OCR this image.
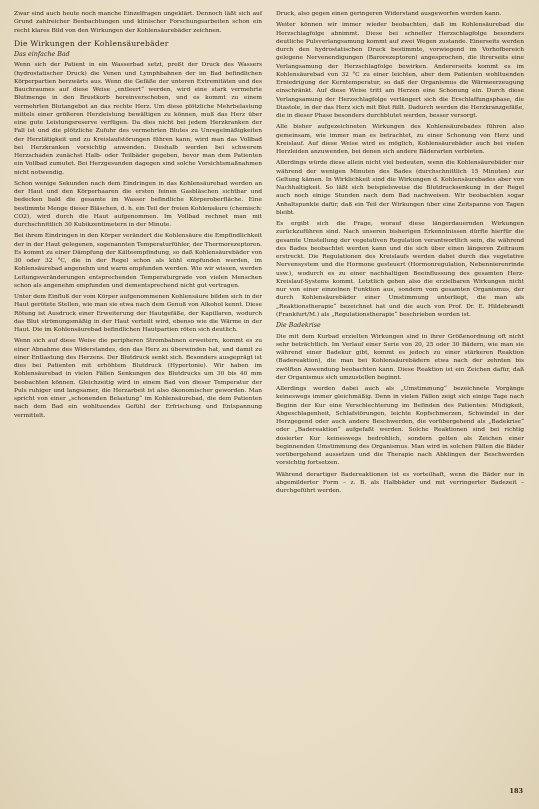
Zwar sind auch heute noch manche Einzelfragen ungeklärt. Dennoch läßt sich auf Grund zahlreicher Beobachtungen und klinischer Forschungsarbeiten schon ein recht klares Bild von den Wirkungen der Kohlensäurebäder zeichnen.

Die Wirkungen der Kohlensäurebäder
Das einfache Bad

Wenn sich der Patient in ein Wasserbad setzt, preßt der Druck des Wassers (hydrostatischer Druck) die Venen und Lymphbahnen der im Bad befindlichen Körperpartien herzwärts aus. Wenn die Gefäße der unteren Extremitäten und des Bauchraumes auf diese Weise „entleert“ werden, wird eine stark vermehrte Blutmenge in den Brustkorb hereinverschoben, und es kommt zu einem vermehrten Blutangebot an das rechte Herz. Um diese plötzliche Mehrbelastung mittels einer größeren Herzleistung bewältigen zu können, muß das Herz über eine gute Leistungsreserve verfügen. Da dies nicht bei jedem Herzkranken der Fall ist und die plötzliche Zufuhr des vermehrten Blutes zu Unregelmäßigkeiten der Herztätigkeit und zu Kreislaufstörungen führen kann, wird man das Vollbad bei Herzkranken vorsichtig anwenden. Deshalb werden bei schwerem Herzschaden zunächst Halb- oder Teilbäder gegeben, bevor man dem Patienten ein Vollbad zumutet. Bei Herzgesunden dagegen sind solche Vorsichtsmaßnahmen nicht notwendig.

Schon wenige Sekunden nach dem Eindringen in das Kohlensäurebad werden an der Haut und den Körperhaaren die ersten feinen Gasbläschen sichtbar und bedecken bald die gesamte im Wasser befindliche Körperoberfläche. Eine bestimmte Menge dieser Bläschen, d. h. ein Teil der freien Kohlensäure (chemisch: CO2), wird durch die Haut aufgenommen. Im Vollbad rechnet man mit durchschnittlich 30 Kubikzentimetern in der Minute.

Bei ihrem Eindringen in den Körper verändert die Kohlensäure die Empfindlichkeit der in der Haut gelegenen, sogenannten Temperaturfühler, der Thermorezeptoren. Es kommt zu einer Dämpfung der Kälteempfindung, so daß Kohlensäurebäder von 30 oder 32 °C, die in der Regel schon als kühl empfunden werden, im Kohlensäurebad angenehm und warm empfunden werden. Wie wir wissen, werden Leitungsveränderungen entsprechenden Temperaturgrade von vielen Menschen schon als angenehm empfunden und dementsprechend nicht gut vertragen.

Unter dem Einfluß der vom Körper aufgenommenen Kohlensäure bilden sich in der Haut gerötete Stellen, wie man sie etwa nach dem Genuß von Alkohol kennt. Diese Rötung ist Ausdruck einer Erweiterung der Hautgefäße, der Kapillaren, wodurch das Blut strömungsmäßig in der Haut verteilt wird, ebenso wie die Wärme in der Haut. Die im Kohlensäurebad befindlichen Hautpartien röten sich deutlich.

Wenn sich auf diese Weise die peripheren Strombahnen erweitern, kommt es zu einer Abnahme des Widerstandes, den das Herz zu überwinden hat, und damit zu einer Entlastung des Herzens. Der Blutdruck senkt sich. Besonders ausgeprägt ist dies bei Patienten mit erhöhtem Blutdruck (Hypertonie). Wir haben im Kohlensäurebad in vielen Fällen Senkungen des Blutdrucks um 30 bis 40 mm beobachten können. Gleichzeitig wird in einem Bad von dieser Temperatur der Puls ruhiger und langsamer, die Herzarbeit ist also ökonomischer geworden. Man spricht von einer „schonenden Belastung“ im Kohlensäurebad, die dem Patienten nach dem Bad ein wohltuendes Gefühl der Erfrischung und Entspannung vermittelt.

Druck, also gegen einen geringeren Widerstand ausgeworfen werden kann.

Weiter können wir immer wieder beobachten, daß im Kohlensäurebad die Herzschlagfolge abnimmt. Diese bei schneller Herzschlagfolge besonders deutliche Pulsverlangsamung kommt auf zwei Wegen zustande. Einerseits werden durch den hydrostatischen Druck bestimmte, vorwiegend im Vorhofbereich gelegene Nervenendigungen (Barorezeptoren) angesprochen, die ihrerseits eine Verlangsamung der Herzschlagfolge bewirken. Andererseits kommt es im Kohlensäurebad von 32 °C zu einer leichten, aber dem Patienten wohltuenden Erniedrigung der Kerntemperatur, so daß der Organismus die Wärmeerzeugung einschränkt. Auf diese Weise tritt am Herzen eine Schonung ein. Durch diese Verlangsamung der Herzschlagfolge verlängert sich die Erschlaffungsphase, die Diastole, in der das Herz sich mit Blut füllt. Dadurch werden die Herzkranzgefäße, die in dieser Phase besonders durchblutet werden, besser versorgt.

Alle bisher aufgezeichneten Wirkungen des Kohlensäurebades führen also gemeinsam, wie immer man es betrachtet, zu einer Schonung von Herz und Kreislauf. Auf diese Weise wird es möglich, Kohlensäurebäder auch bei vielen Herzleiden anzuwenden, bei denen sich andere Bäderarten verbieten.

Allerdings würde diese allein nicht viel bedeuten, wenn die Kohlensäurebäder nur während der wenigen Minuten des Bades (durchschnittlich 15 Minuten) zur Geltung kämen. In Wirklichkeit sind die Wirkungen d. Kohlensäurebades aber von Nachhaltigkeit. So läßt sich beispielsweise die Blutdrucksenkung in der Regel auch noch einige Stunden nach dem Bad nachweisen. Wir beobachten sogar Anhaltspunkte dafür, daß ein Teil der Wirkungen über eine Zeitspanne von Tagen bleibt.

Es ergibt sich die Frage, worauf diese längerdauernden Wirkungen zurückzuführen sind. Nach unseren bisherigen Erkenntnissen dürfte hierfür die gesamte Umstellung der vegetativen Regulation verantwortlich sein, die während des Bades beobachtet werden kann und die sich über einen längeren Zeitraum erstreckt. Die Regulationen des Kreislaufs werden dabei durch das vegetative Nervensystem und die Hormone gesteuert (Hormonregulation, Nebennierenrinde usw.), wodurch es zu einer nachhaltigen Beeinflussung des gesamten Herz-Kreislauf-Systems kommt. Letztlich gehen also die erzielbaren Wirkungen nicht nur von einer einzelnen Funktion aus, sondern vom gesamten Organismus, der durch Kohlensäurebäder einer Umstimmung unterliegt, die man als „Reaktionstherapie“ bezeichnet hat und die auch von Prof. Dr. E. Hildebrandt (Frankfurt/M.) als „Regulationstherapie“ beschrieben worden ist.

Die Badekrise

Die mit dem Kurbad erzielten Wirkungen sind in ihrer Größenordnung oft nicht sehr beträchtlich. Im Verlauf einer Serie von 20, 25 oder 30 Bädern, wie man sie während einer Badekur gibt, kommt es jedoch zu einer stärkeren Reaktion (Badereaktion), die man bei Kohlensäurebädern etwa nach der zehnten bis zwölften Anwendung beobachten kann. Diese Reaktion ist ein Zeichen dafür, daß der Organismus sich umzustellen beginnt.

Allerdings werden dabei auch als „Umstimmung“ bezeichnete Vorgänge keineswegs immer gleichmäßig. Denn in vielen Fällen zeigt sich einige Tage nach Beginn der Kur eine Verschlechterung im Befinden des Patienten: Müdigkeit, Abgeschlagenheit, Schlafstörungen, leichte Kopfschmerzen, Schwindel in der Herzgegend oder auch andere Beschwerden, die vorübergehend als „Badekrise“ oder „Badereaktion“ aufgefaßt werden. Solche Reaktionen sind bei richtig dosierter Kur keineswegs bedrohlich, sondern gelten als Zeichen einer beginnenden Umstimmung des Organismus. Man wird in solchen Fällen die Bäder vorübergehend aussetzen und die Therapie nach Abklingen der Beschwerden vorsichtig fortsetzen.

Während derartiger Badereaktionen ist es vorteilhaft, wenn die Bäder nur in abgemilderter Form – z. B. als Halbbäder und mit verringerter Badezeit – durchgeführt werden.

183
